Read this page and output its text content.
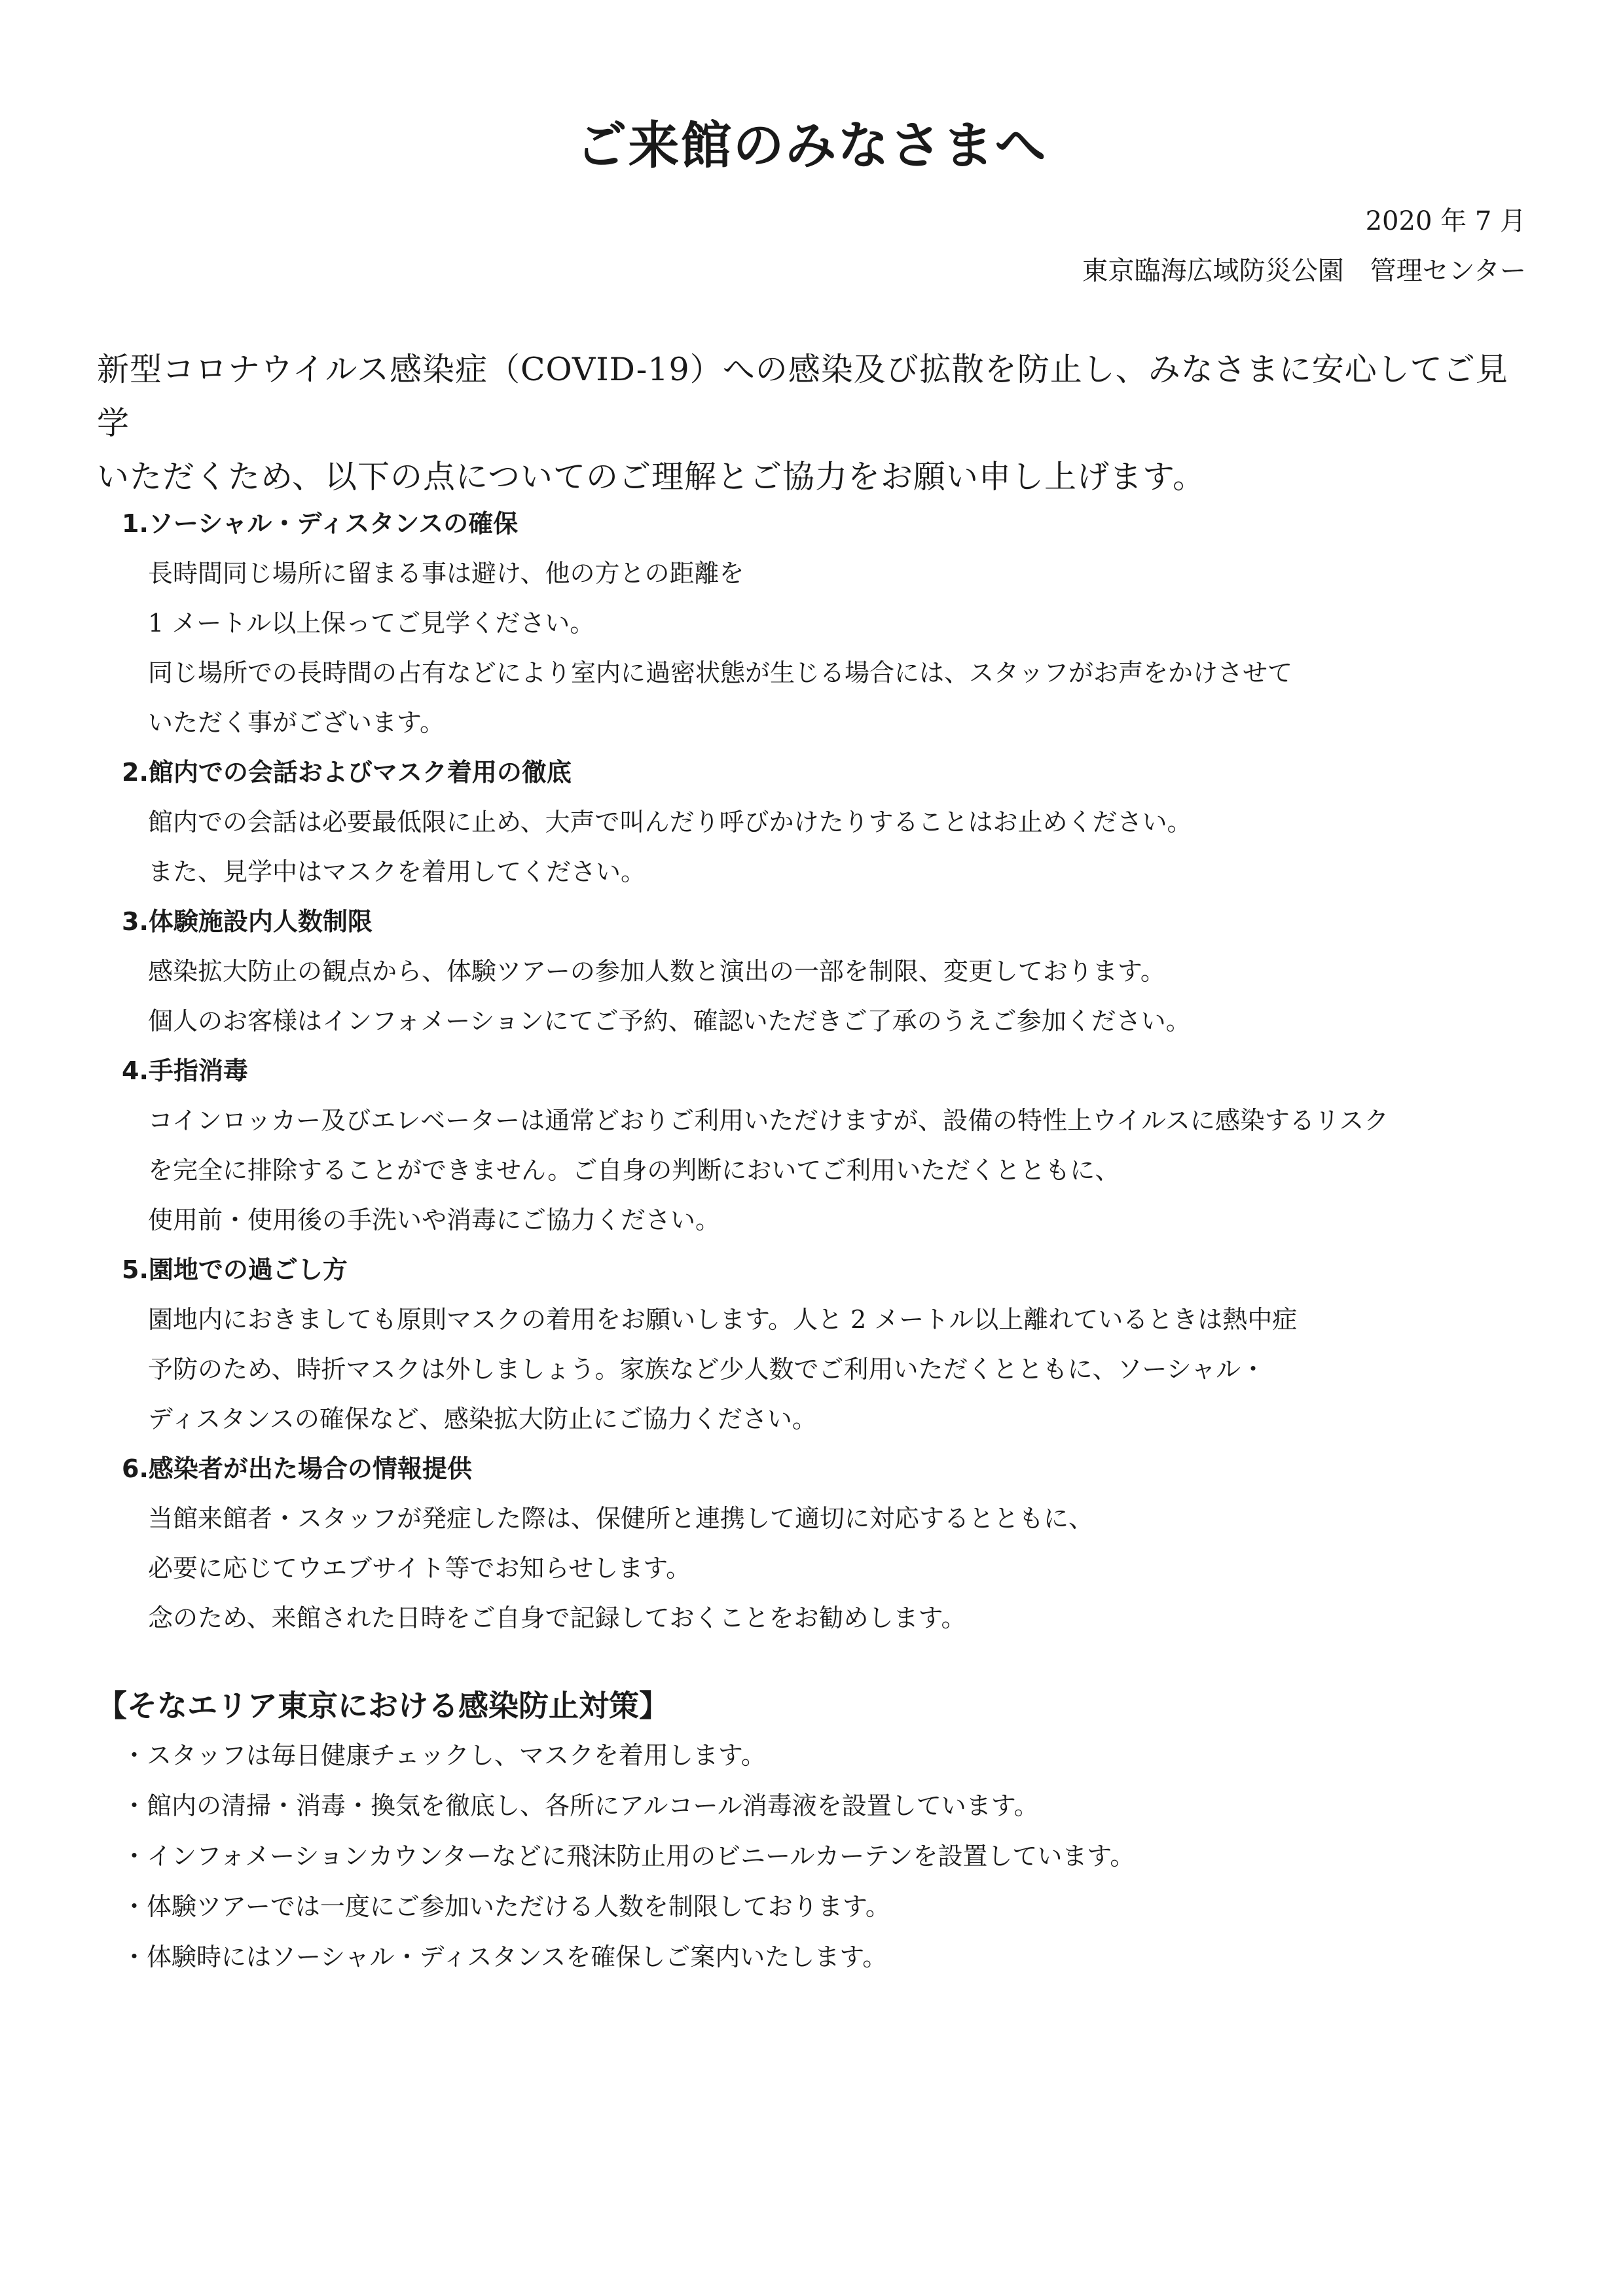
ご来館のみなさまへ
2020 年 7 月
東京臨海広域防災公園　管理センター
新型コロナウイルス感染症（COVID-19）への感染及び拡散を防止し、みなさまに安心してご見学
いただくため、以下の点についてのご理解とご協力をお願い申し上げます。
1.ソーシャル・ディスタンスの確保
長時間同じ場所に留まる事は避け、他の方との距離を
1 メートル以上保ってご見学ください。
同じ場所での長時間の占有などにより室内に過密状態が生じる場合には、スタッフがお声をかけさせて
いただく事がございます。
2.館内での会話およびマスク着用の徹底
館内での会話は必要最低限に止め、大声で叫んだり呼びかけたりすることはお止めください。
また、見学中はマスクを着用してください。
3.体験施設内人数制限
感染拡大防止の観点から、体験ツアーの参加人数と演出の一部を制限、変更しております。
個人のお客様はインフォメーションにてご予約、確認いただきご了承のうえご参加ください。
4.手指消毒
コインロッカー及びエレベーターは通常どおりご利用いただけますが、設備の特性上ウイルスに感染するリスク
を完全に排除することができません。ご自身の判断においてご利用いただくとともに、
使用前・使用後の手洗いや消毒にご協力ください。
5.園地での過ごし方
園地内におきましても原則マスクの着用をお願いします。人と 2 メートル以上離れているときは熱中症
予防のため、時折マスクは外しましょう。家族など少人数でご利用いただくとともに、ソーシャル・
ディスタンスの確保など、感染拡大防止にご協力ください。
6.感染者が出た場合の情報提供
当館来館者・スタッフが発症した際は、保健所と連携して適切に対応するとともに、
必要に応じてウエブサイト等でお知らせします。
念のため、来館された日時をご自身で記録しておくことをお勧めします。
【そなエリア東京における感染防止対策】
・スタッフは毎日健康チェックし、マスクを着用します。
・館内の清掃・消毒・換気を徹底し、各所にアルコール消毒液を設置しています。
・インフォメーションカウンターなどに飛沫防止用のビニールカーテンを設置しています。
・体験ツアーでは一度にご参加いただける人数を制限しております。
・体験時にはソーシャル・ディスタンスを確保しご案内いたします。
